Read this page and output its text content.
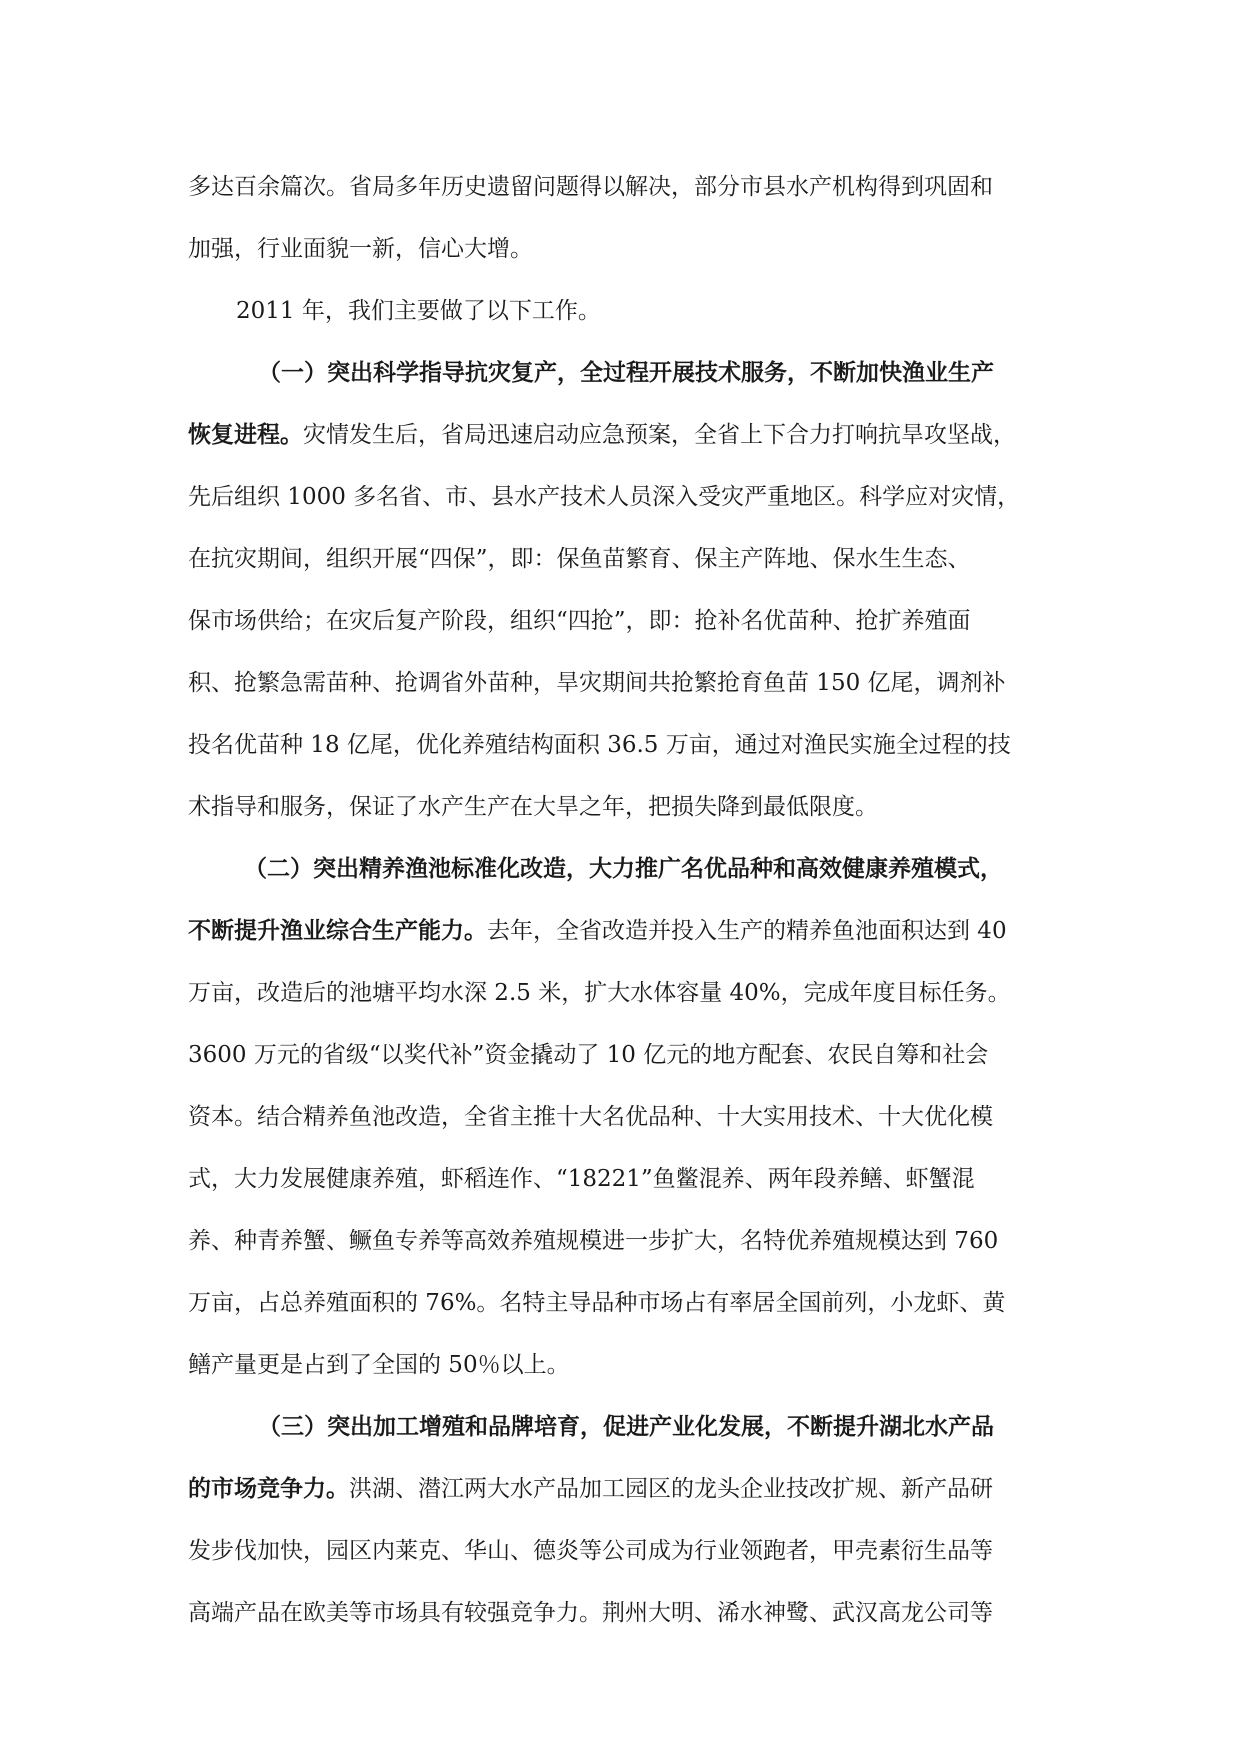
多达百余篇次。省局多年历史遗留问题得以解决，部分市县水产机构得到巩固和
加强，行业面貌一新，信心大增。
2011 年，我们主要做了以下工作。
（一）突出科学指导抗灾复产，全过程开展技术服务，不断加快渔业生产
恢复进程。灾情发生后，省局迅速启动应急预案，全省上下合力打响抗旱攻坚战，
先后组织 1000 多名省、市、县水产技术人员深入受灾严重地区。科学应对灾情，
在抗灾期间，组织开展“四保”，即：保鱼苗繁育、保主产阵地、保水生生态、
保市场供给；在灾后复产阶段，组织“四抢”，即：抢补名优苗种、抢扩养殖面
积、抢繁急需苗种、抢调省外苗种，旱灾期间共抢繁抢育鱼苗 150 亿尾，调剂补
投名优苗种 18 亿尾，优化养殖结构面积 36.5 万亩，通过对渔民实施全过程的技
术指导和服务，保证了水产生产在大旱之年，把损失降到最低限度。
（二）突出精养渔池标准化改造，大力推广名优品种和高效健康养殖模式，
不断提升渔业综合生产能力。去年，全省改造并投入生产的精养鱼池面积达到 40
万亩，改造后的池塘平均水深 2.5 米，扩大水体容量 40%，完成年度目标任务。
3600 万元的省级“以奖代补”资金撬动了 10 亿元的地方配套、农民自筹和社会
资本。结合精养鱼池改造，全省主推十大名优品种、十大实用技术、十大优化模
式，大力发展健康养殖，虾稻连作、“18221”鱼鳖混养、两年段养鳝、虾蟹混
养、种青养蟹、鳜鱼专养等高效养殖规模进一步扩大，名特优养殖规模达到 760
万亩，占总养殖面积的 76%。名特主导品种市场占有率居全国前列，小龙虾、黄
鳝产量更是占到了全国的 50％以上。
（三）突出加工增殖和品牌培育，促进产业化发展，不断提升湖北水产品
的市场竞争力。洪湖、潜江两大水产品加工园区的龙头企业技改扩规、新产品研
发步伐加快，园区内莱克、华山、德炎等公司成为行业领跑者，甲壳素衍生品等
高端产品在欧美等市场具有较强竞争力。荆州大明、浠水神鹭、武汉高龙公司等
